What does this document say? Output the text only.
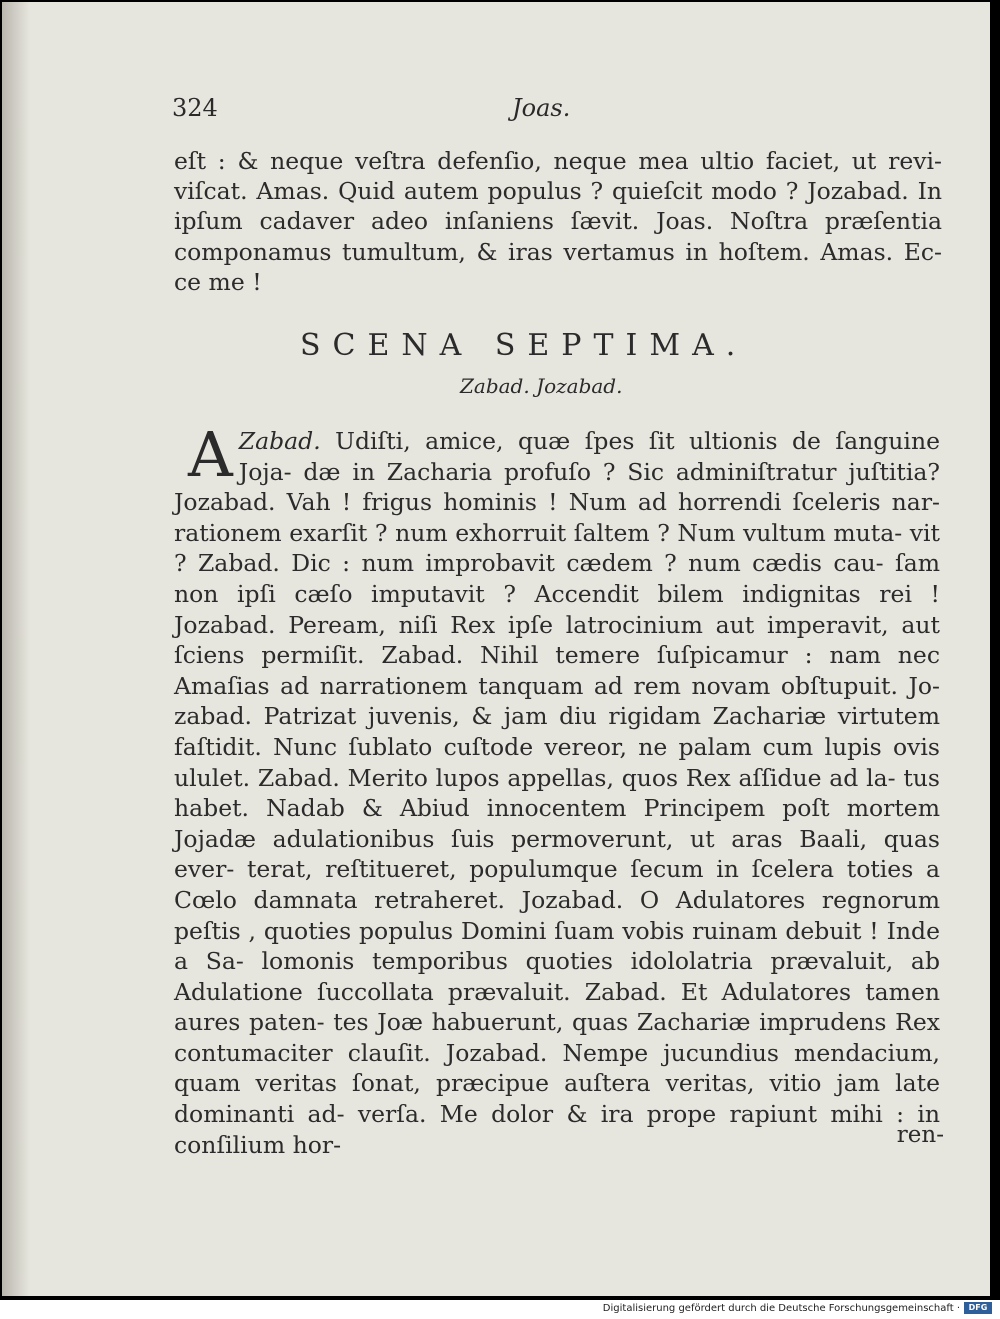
324	Joas.

eſt : & neque veſtra defenſio, neque mea ultio faciet, ut revi- viſcat. Amas. Quid autem populus ? quieſcit modo ? Jozabad. In ipſum cadaver adeo inſaniens ſævit. Joas. Noſtra præſentia componamus tumultum, & iras vertamus in hoſtem. Amas. Ec- ce me !

SCENA SEPTIMA.
Zabad. Jozabad.

Zabad.
A	Udiſti, amice, quæ ſpes ſit ultionis de ſanguine Joja- dæ in Zacharia profuſo ? Sic adminiſtratur juſtitia? Jozabad. Vah ! frigus hominis ! Num ad horrendi ſceleris nar- rationem exarſit ? num exhorruit ſaltem ? Num vultum muta- vit ? Zabad. Dic : num improbavit cædem ? num cædis cau- ſam non ipſi cæſo imputavit ? Accendit bilem indignitas rei ! Jozabad. Peream, niſi Rex ipſe latrocinium aut imperavit, aut ſciens permiſit. Zabad. Nihil temere ſuſpicamur : nam nec Amaſias ad narrationem tanquam ad rem novam obſtupuit. Jo- zabad. Patrizat juvenis, & jam diu rigidam Zachariæ virtutem faſtidit. Nunc ſublato cuſtode vereor, ne palam cum lupis ovis ululet. Zabad. Merito lupos appellas, quos Rex aſſidue ad la- tus habet. Nadab & Abiud innocentem Principem poſt mortem Jojadæ adulationibus ſuis permoverunt, ut aras Baali, quas ever- terat, reſtitueret, populumque ſecum in ſcelera toties a Cœlo damnata retraheret. Jozabad. O Adulatores regnorum peſtis , quoties populus Domini ſuam vobis ruinam debuit ! Inde a Sa- lomonis temporibus quoties idololatria prævaluit, ab Adulatione ſuccollata prævaluit. Zabad. Et Adulatores tamen aures paten- tes Joæ habuerunt, quas Zachariæ imprudens Rex contumaciter clauſit. Jozabad. Nempe jucundius mendacium, quam veritas ſonat, præcipue auſtera veritas, vitio jam late dominanti ad- verſa. Me dolor & ira prope rapiunt mihi : in conſilium hor-	ren-
Digitalisierung gefördert durch die Deutsche Forschungsgemeinschaft ·	DFG
